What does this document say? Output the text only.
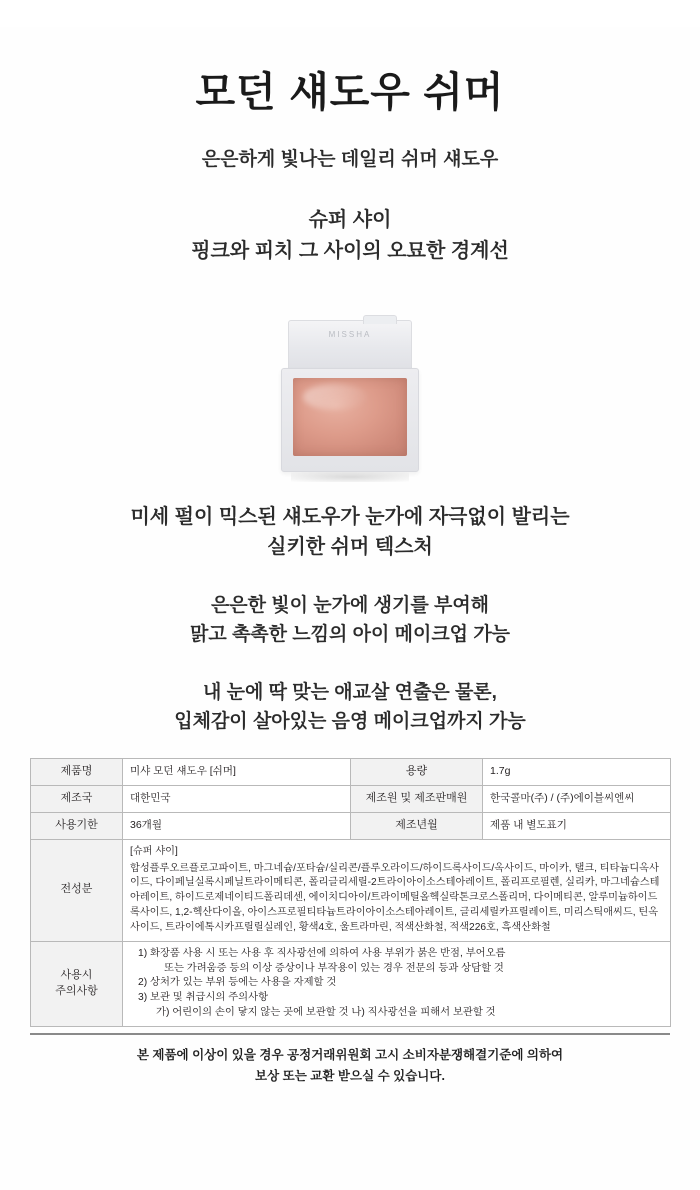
모던 섀도우 쉬머
은은하게 빛나는 데일리 쉬머 섀도우
슈퍼 샤이
핑크와 피치 그 사이의 오묘한 경계선
MISSHA
미세 펄이 믹스된 섀도우가 눈가에 자극없이 발리는
실키한 쉬머 텍스처
은은한 빛이 눈가에 생기를 부여해
맑고 촉촉한 느낌의 아이 메이크업 가능
내 눈에 딱 맞는 애교살 연출은 물론,
입체감이 살아있는 음영 메이크업까지 가능
제품명	미샤 모던 섀도우 [쉬머]	용량	1.7g
제조국	대한민국	제조원 및 제조판매원	한국콜마(주) / (주)에이블씨엔씨
사용기한	36개월	제조년월	제품 내 별도표기
전성분	[슈퍼 샤이]
합성플루오르플로고파이트, 마그네슘/포타슘/실리콘/플루오라이드/하이드록사이드/옥사이드, 마이카, 탤크, 티타늄디옥사이드, 다이페닐실록시페닐트라이메티콘, 폴리글리세릴-2트라이아이소스테아레이트, 폴리프로필렌, 실리카, 마그네슘스테아레이트, 하이드로제네이티드폴리데센, 에이치디아이/트라이메틸올헥실락톤크로스폴리머, 다이메티콘, 알루미늄하이드록사이드, 1,2-헥산다이올, 아이스프로필티타늄트라이아이소스테아레이트, 글리세릴카프릴레이트, 미리스틱애씨드, 틴옥사이드, 트라이에톡시카프릴릴실레인, 황색4호, 울트라마린, 적색산화철, 적색226호, 흑색산화철		
사용시
주의사항	1) 화장품 사용 시 또는 사용 후 직사광선에 의하여 사용 부위가 붉은 반점, 부어오름
또는 가려움증 등의 이상 증상이나 부작용이 있는 경우 전문의 등과 상담할 것
2) 상처가 있는 부위 등에는 사용을 자제할 것
3) 보관 및 취급시의 주의사항
가) 어린이의 손이 닿지 않는 곳에 보관할 것 나) 직사광선을 피해서 보관할 것		
본 제품에 이상이 있을 경우 공정거래위원회 고시 소비자분쟁해결기준에 의하여
보상 또는 교환 받으실 수 있습니다.
